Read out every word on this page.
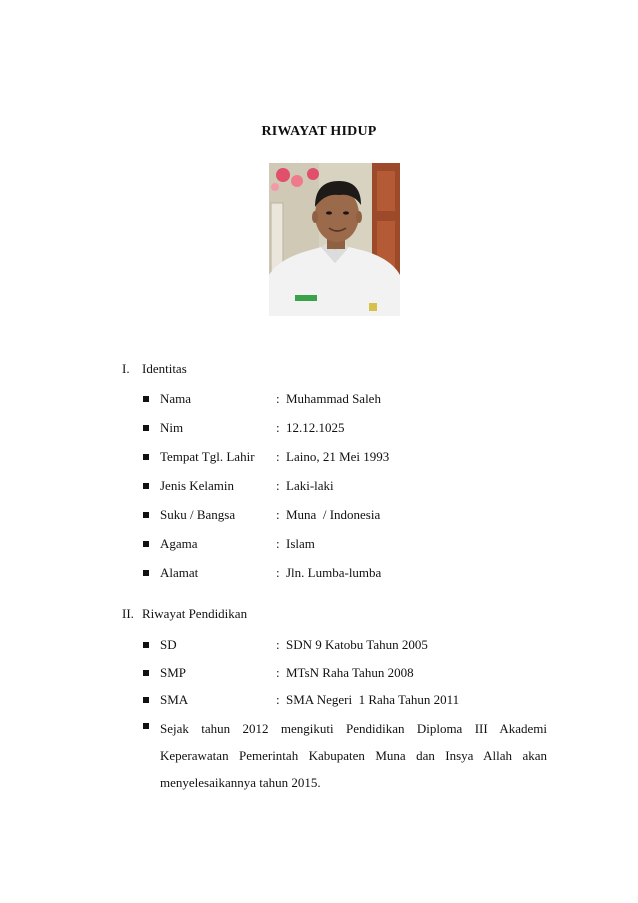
RIWAYAT HIDUP
I. Identitas
Nama	: Muhammad Saleh
Nim	: 12.12.1025
Tempat Tgl. Lahir : Laino, 21 Mei 1993
Jenis Kelamin	: Laki-laki
Suku / Bangsa	: Muna  / Indonesia
Agama	: Islam
Alamat	: Jln. Lumba-lumba
II. Riwayat Pendidikan
SD	: SDN 9 Katobu Tahun 2005
SMP	: MTsN Raha Tahun 2008
SMA	: SMA Negeri  1 Raha Tahun 2011
Sejak tahun 2012 mengikuti Pendidikan Diploma III Akademi Keperawatan Pemerintah Kabupaten Muna dan Insya Allah akan menyelesaikannya tahun 2015.
